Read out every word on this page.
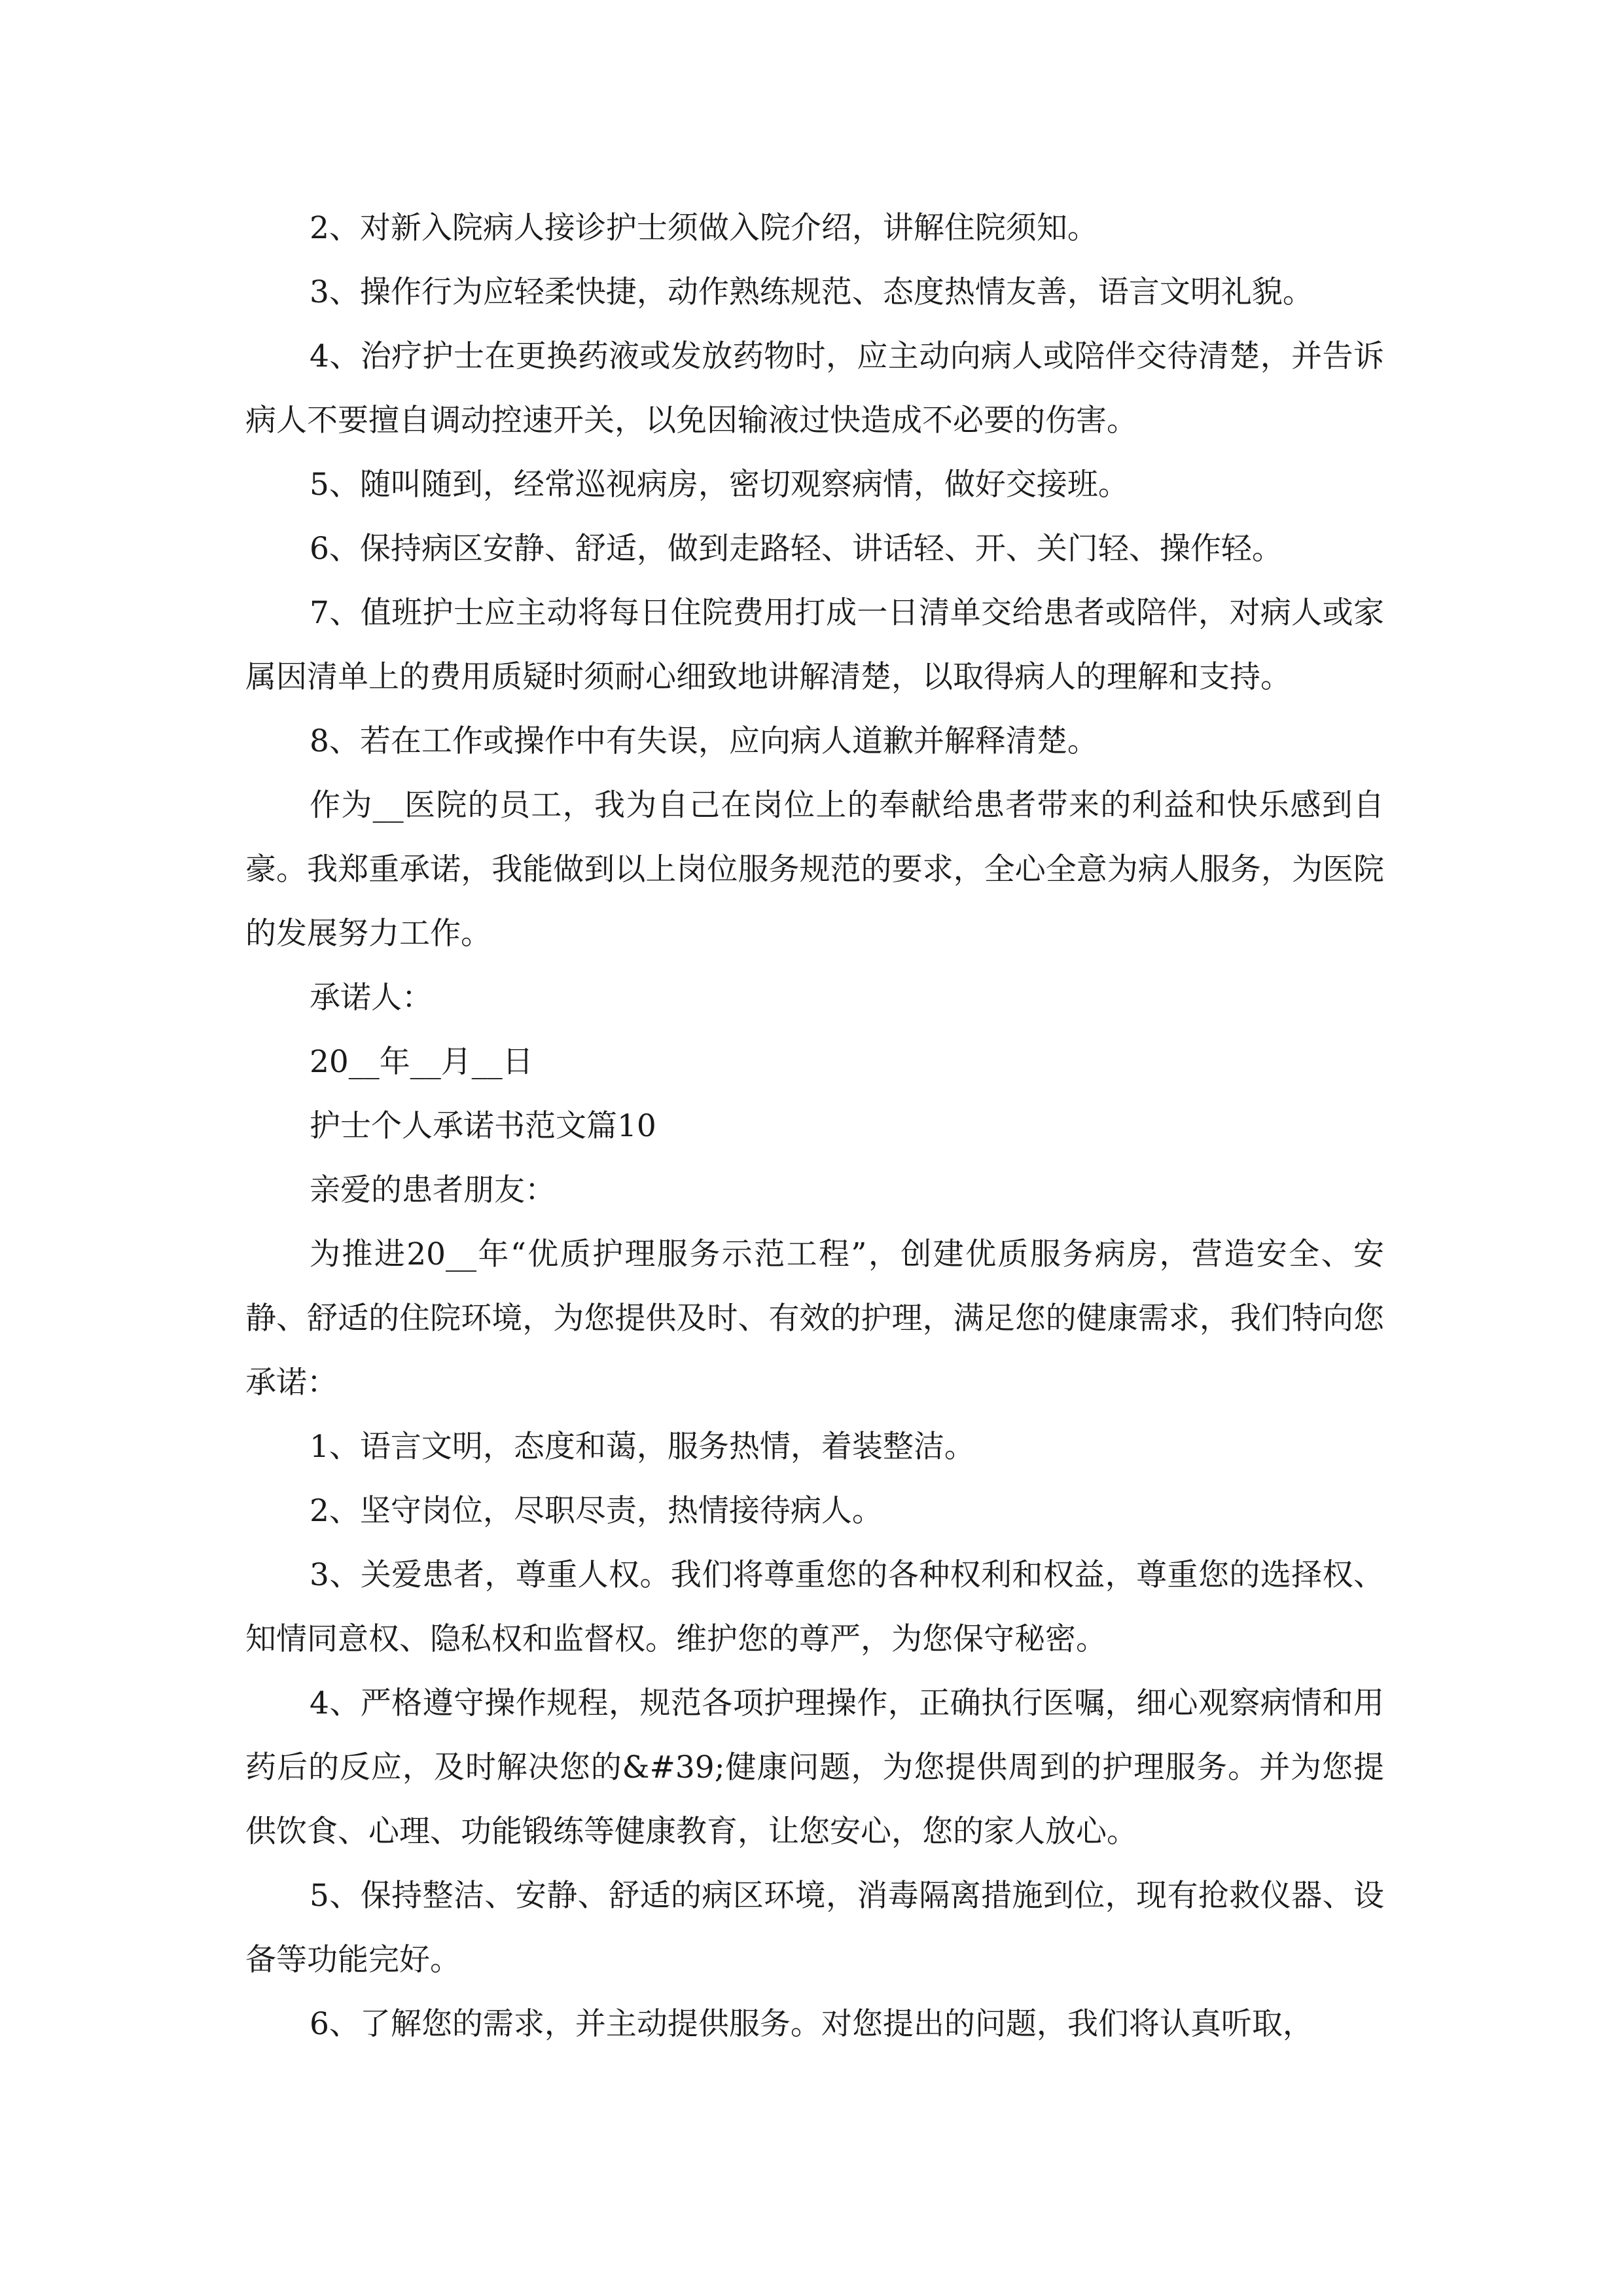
2、对新入院病人接诊护士须做入院介绍，讲解住院须知。

3、操作行为应轻柔快捷，动作熟练规范、态度热情友善，语言文明礼貌。

4、治疗护士在更换药液或发放药物时，应主动向病人或陪伴交待清楚，并告诉病人不要擅自调动控速开关，以免因输液过快造成不必要的伤害。

5、随叫随到，经常巡视病房，密切观察病情，做好交接班。

6、保持病区安静、舒适，做到走路轻、讲话轻、开、关门轻、操作轻。

7、值班护士应主动将每日住院费用打成一日清单交给患者或陪伴，对病人或家属因清单上的费用质疑时须耐心细致地讲解清楚，以取得病人的理解和支持。

8、若在工作或操作中有失误，应向病人道歉并解释清楚。

作为__医院的员工，我为自己在岗位上的奉献给患者带来的利益和快乐感到自豪。我郑重承诺，我能做到以上岗位服务规范的要求，全心全意为病人服务，为医院的发展努力工作。

承诺人：

20__年__月__日

护士个人承诺书范文篇10

亲爱的患者朋友：

为推进20__年“优质护理服务示范工程”，创建优质服务病房，营造安全、安静、舒适的住院环境，为您提供及时、有效的护理，满足您的健康需求，我们特向您承诺：

1、语言文明，态度和蔼，服务热情，着装整洁。

2、坚守岗位，尽职尽责，热情接待病人。

3、关爱患者，尊重人权。我们将尊重您的各种权利和权益，尊重您的选择权、知情同意权、隐私权和监督权。维护您的尊严，为您保守秘密。

4、严格遵守操作规程，规范各项护理操作，正确执行医嘱，细心观察病情和用药后的反应，及时解决您的&#39;健康问题，为您提供周到的护理服务。并为您提供饮食、心理、功能锻练等健康教育，让您安心，您的家人放心。

5、保持整洁、安静、舒适的病区环境，消毒隔离措施到位，现有抢救仪器、设备等功能完好。

6、了解您的需求，并主动提供服务。对您提出的问题，我们将认真听取，
